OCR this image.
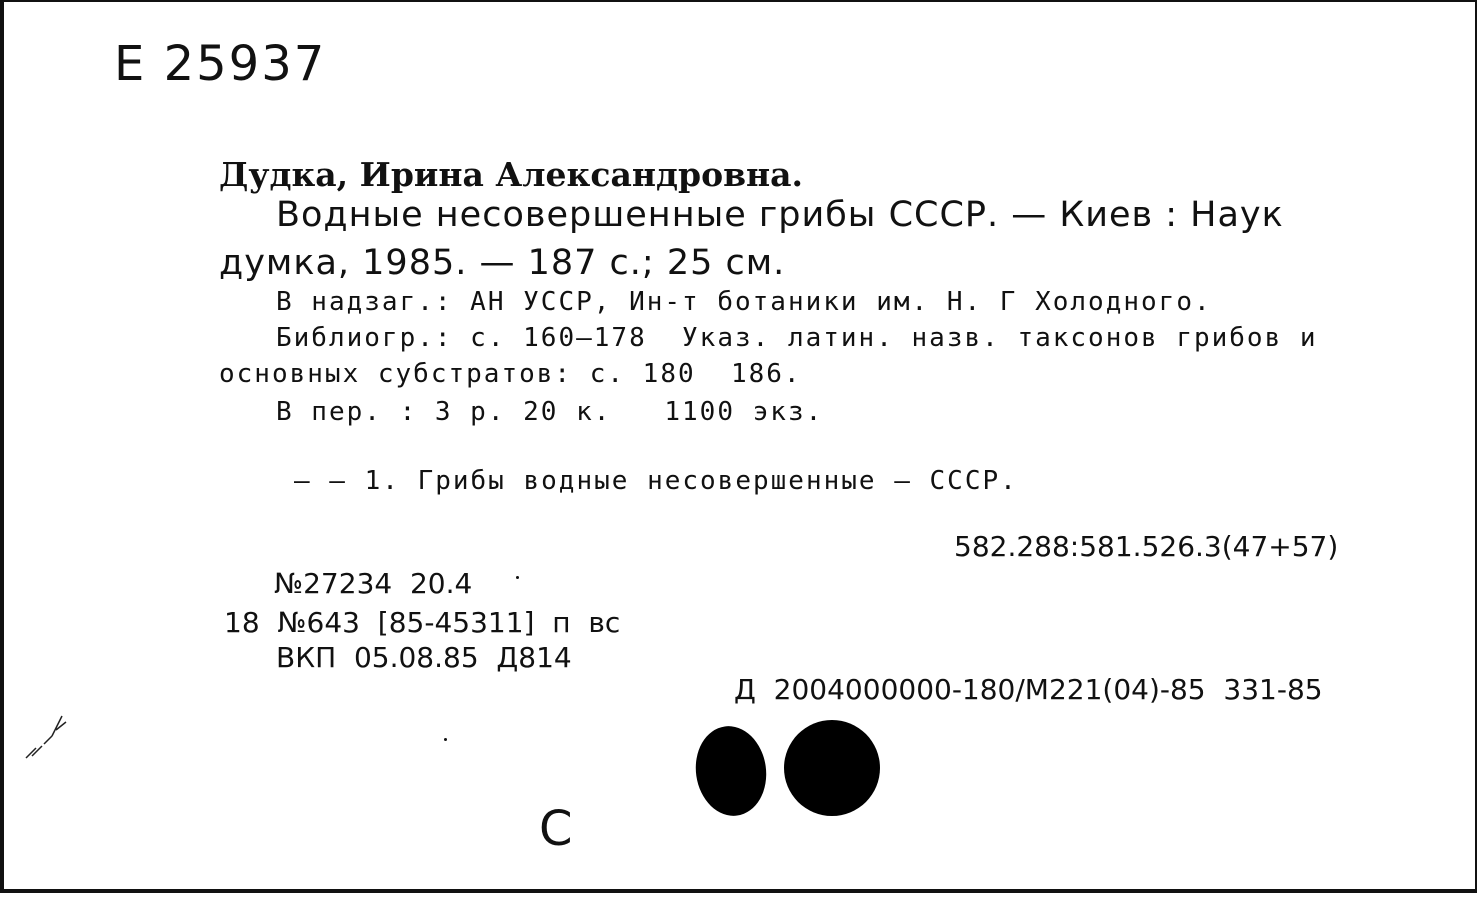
Е 25937
Дудка, Ирина Александровна.
Водные несовершенные грибы СССР. — Киев : Наук
думка, 1985. — 187 с.; 25 см.
В надзаг.: АН УССР, Ин-т ботаники им. Н. Г Холодного.
Библиогр.: с. 160—178  Указ. латин. назв. таксонов грибов и
основных субстратов: с. 180  186.
В пер. : 3 р. 20 к.   1100 экз.
— — 1. Грибы водные несовершенные — СССР.
582.288:581.526.3(47+57)
№27234  20.4
18  №643  [85-45311]  п  вс
ВКП  05.08.85  Д814
Д  2004000000-180/М221(04)-85  331-85
С
